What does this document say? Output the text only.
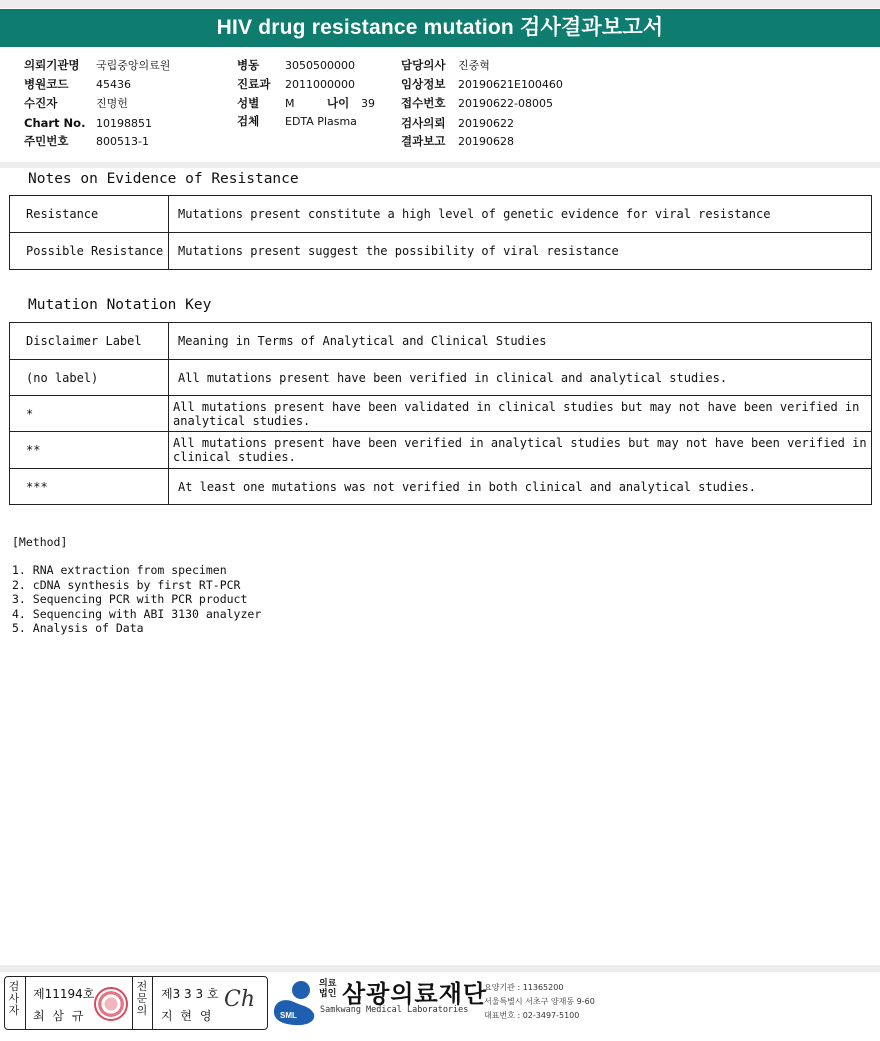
HIV drug resistance mutation 검사결과보고서
의뢰기관명 국립중앙의료원
병원코드	45436
수진자	진명헌
Chart No. 10198851
주민번호	800513-1
병동 3050500000
진료과 2011000000
성별 M	나이 39
검체 EDTA Plasma
담당의사 진중혁
임상정보 20190621E100460
접수번호 20190622-08005
검사의뢰 20190622
결과보고 20190628
Notes on Evidence of Resistance
Resistance	Mutations present constitute a high level of genetic evidence for viral resistance
Possible Resistance	Mutations present suggest the possibility of viral resistance
Mutation Notation Key
Disclaimer Label	Meaning in Terms of Analytical and Clinical Studies
(no label)	All mutations present have been verified in clinical and analytical studies.
*	All mutations present have been validated in clinical studies but may not have been verified in analytical studies.
**	All mutations present have been verified in analytical studies but may not have been verified in clinical studies.
***	At least one mutations was not verified in both clinical and analytical studies.
[Method]
1. RNA extraction from specimen
2. cDNA synthesis by first RT-PCR
3. Sequencing PCR with PCR product
4. Sequencing with ABI 3130 analyzer
5. Analysis of Data
검사자
제11194호
최 삼 규
전문의
제3 3 3 호
지 현 영
Ch
SML
의료
법인 삼광의료재단
Samkwang Medical Laboratories
요양기관 : 11365200
서울특별시 서초구 양재동 9-60
대표번호 : 02-3497-5100
